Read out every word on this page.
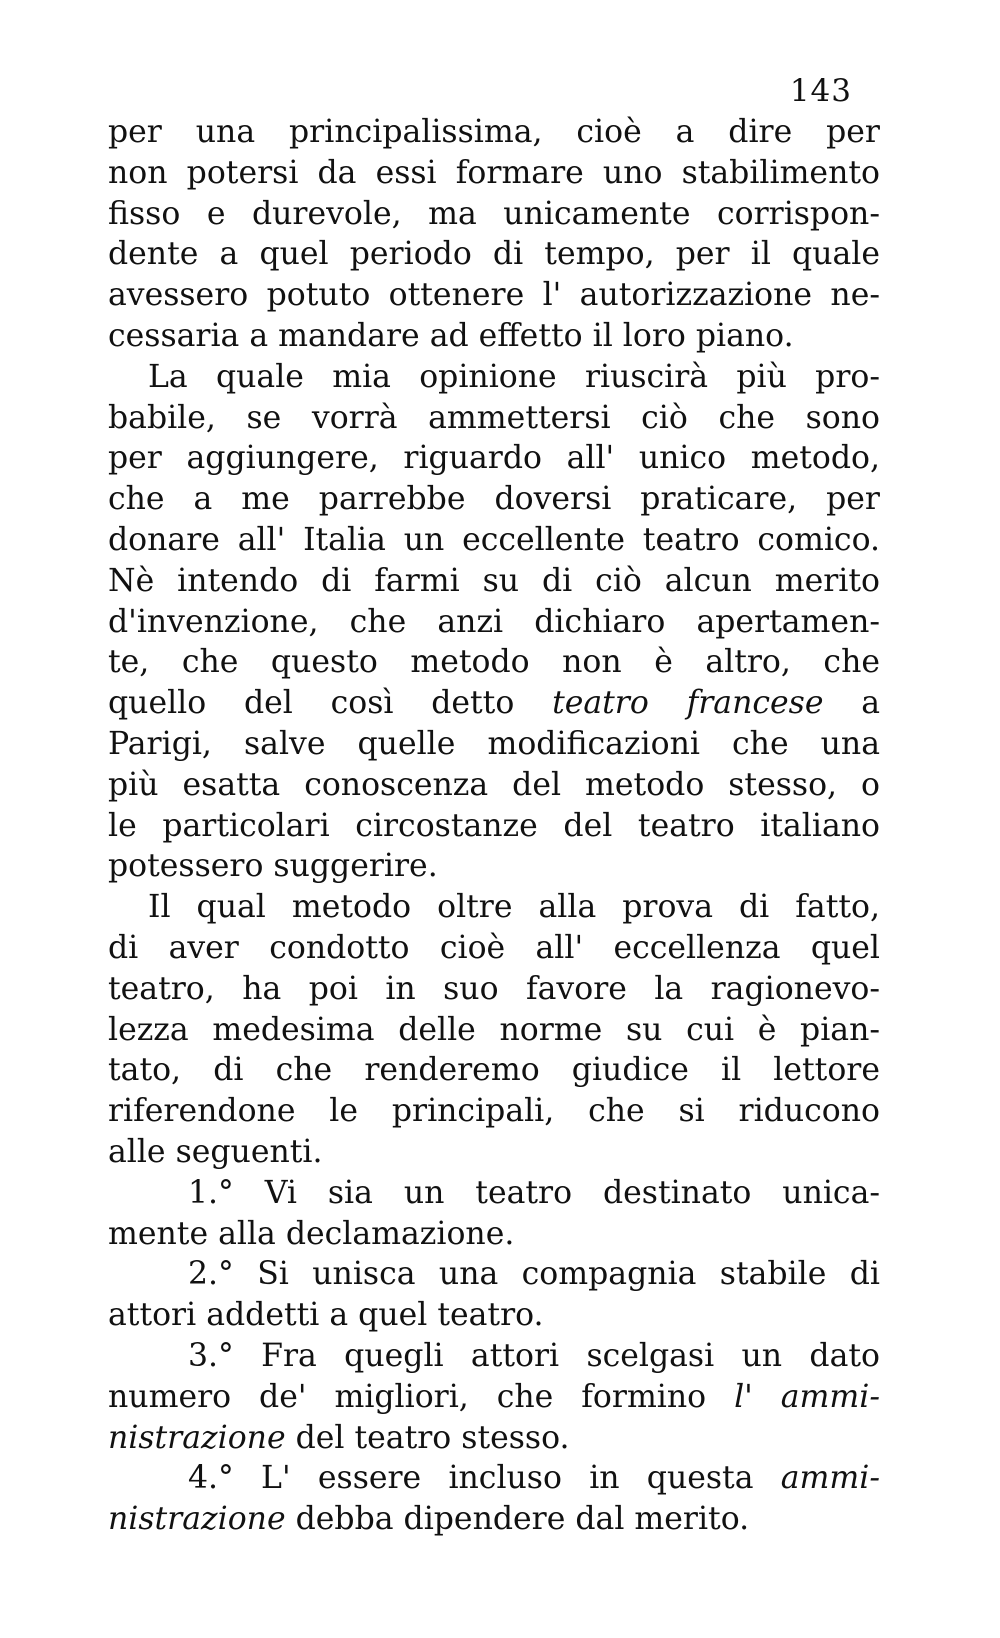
143
per una principalissima, cioè a dire per
non potersi da essi formare uno stabilimento
fisso e durevole, ma unicamente corrispon-
dente a quel periodo di tempo, per il quale
avessero potuto ottenere l' autorizzazione ne-
cessaria a mandare ad effetto il loro piano.
La quale mia opinione riuscirà più pro-
babile, se vorrà ammettersi ciò che sono
per aggiungere, riguardo all' unico metodo,
che a me parrebbe doversi praticare, per
donare all' Italia un eccellente teatro comico.
Nè intendo di farmi su di ciò alcun merito
d'invenzione, che anzi dichiaro apertamen-
te, che questo metodo non è altro, che
quello del così detto teatro francese a
Parigi, salve quelle modificazioni che una
più esatta conoscenza del metodo stesso, o
le particolari circostanze del teatro italiano
potessero suggerire.
Il qual metodo oltre alla prova di fatto,
di aver condotto cioè all' eccellenza quel
teatro, ha poi in suo favore la ragionevo-
lezza medesima delle norme su cui è pian-
tato, di che renderemo giudice il lettore
riferendone le principali, che si riducono
alle seguenti.
1.° Vi sia un teatro destinato unica-
mente alla declamazione.
2.° Si unisca una compagnia stabile di
attori addetti a quel teatro.
3.° Fra quegli attori scelgasi un dato
numero de' migliori, che formino l' ammi-
nistrazione del teatro stesso.
4.° L' essere incluso in questa ammi-
nistrazione debba dipendere dal merito.
